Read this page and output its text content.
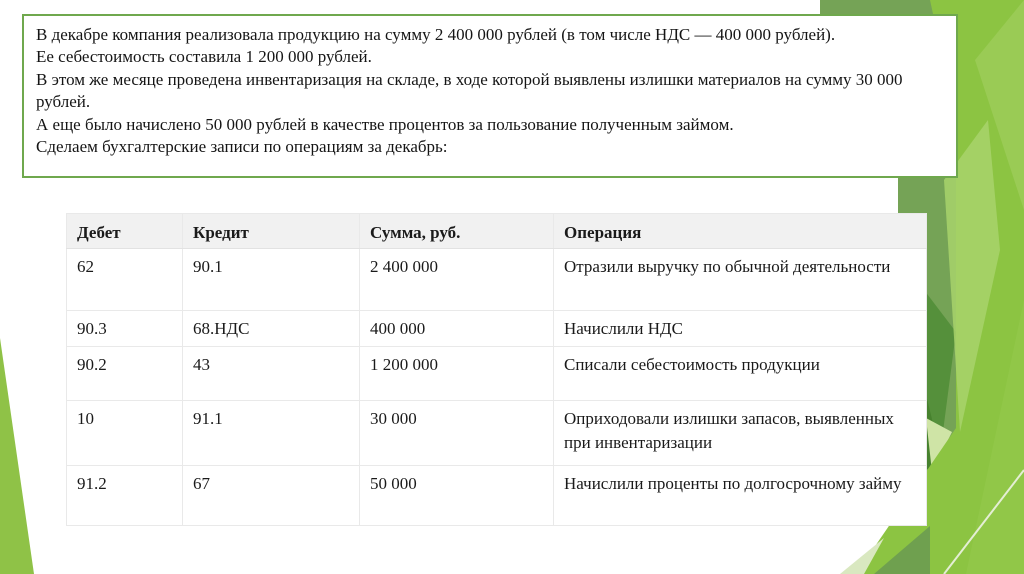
В декабре компания реализовала продукцию на сумму 2 400 000 рублей (в том числе НДС — 400 000 рублей).

Ее себестоимость составила 1 200 000 рублей.

В этом же месяце проведена инвентаризация на складе, в ходе которой выявлены излишки материалов на сумму 30 000 рублей.

А еще было начислено 50 000 рублей в качестве процентов за пользование полученным займом.

Сделаем бухгалтерские записи по операциям за декабрь:

Дебет	Кредит	Сумма, руб.	Операция
62	90.1	2 400 000	Отразили выручку по обычной деятельности
90.3	68.НДС	400 000	Начислили НДС
90.2	43	1 200 000	Списали себестоимость продукции
10	91.1	30 000	Оприходовали излишки запасов, выявленных при инвентаризации
91.2	67	50 000	Начислили проценты по долгосрочному займу
